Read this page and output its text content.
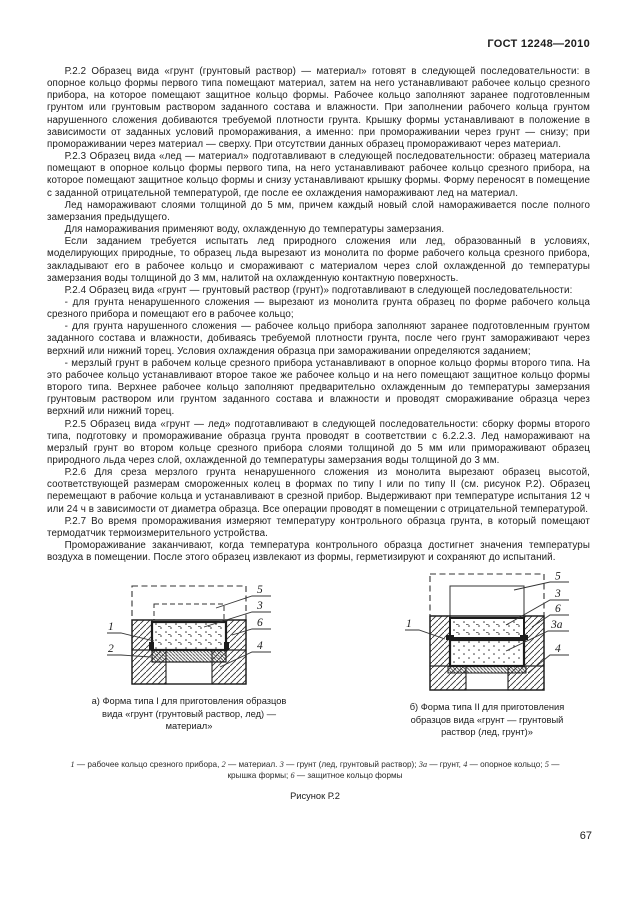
ГОСТ 12248—2010

Р.2.2 Образец вида «грунт (грунтовый раствор) — материал» готовят в следующей последовательности: в опорное кольцо формы первого типа помещают материал, затем на него устанавливают рабочее кольцо срезного прибора, на которое помещают защитное кольцо формы. Рабочее кольцо заполняют заранее подготовленным грунтом или грунтовым раствором заданного состава и влажности. При заполнении рабочего кольца грунтом нарушенного сложения добиваются требуемой плотности грунта. Крышку формы устанавливают в положение в зависимости от заданных условий промораживания, а именно: при промораживании через грунт — снизу; при промораживании через материал — сверху. При отсутствии данных образец промораживают через материал.

Р.2.3 Образец вида «лед — материал» подготавливают в следующей последовательности: образец материала помещают в опорное кольцо формы первого типа, на него устанавливают рабочее кольцо срезного прибора, на которое помещают защитное кольцо формы и снизу устанавливают крышку формы. Форму переносят в помещение с заданной отрицательной температурой, где после ее охлаждения намораживают лед на материал.

Лед намораживают слоями толщиной до 5 мм, причем каждый новый слой намораживается после полного замерзания предыдущего.

Для намораживания применяют воду, охлажденную до температуры замерзания.

Если заданием требуется испытать лед природного сложения или лед, образованный в условиях, моделирующих природные, то образец льда вырезают из монолита по форме рабочего кольца срезного прибора, закладывают его в рабочее кольцо и смораживают с материалом через слой охлажденной до температуры замерзания воды толщиной до 3 мм, налитой на охлажденную контактную поверхность.

Р.2.4 Образец вида «грунт — грунтовый раствор (грунт)» подготавливают в следующей последовательности:

- для грунта ненарушенного сложения — вырезают из монолита грунта образец по форме рабочего кольца срезного прибора и помещают его в рабочее кольцо;

- для грунта нарушенного сложения — рабочее кольцо прибора заполняют заранее подготовленным грунтом заданного состава и влажности, добиваясь требуемой плотности грунта, после чего грунт замораживают через верхний или нижний торец. Условия охлаждения образца при замораживании определяются заданием;

- мерзлый грунт в рабочем кольце срезного прибора устанавливают в опорное кольцо формы второго типа. На это рабочее кольцо устанавливают второе такое же рабочее кольцо и на него помещают защитное кольцо формы второго типа. Верхнее рабочее кольцо заполняют предварительно охлажденным до температуры замерзания грунтовым раствором или грунтом заданного состава и влажности и проводят смораживание образца через верхний или нижний торец.

Р.2.5 Образец вида «грунт — лед» подготавливают в следующей последовательности: сборку формы второго типа, подготовку и промораживание образца грунта проводят в соответствии с 6.2.2.3. Лед намораживают на мерзлый грунт во втором кольце срезного прибора слоями толщиной до 5 мм или примораживают образец природного льда через слой, охлажденной до температуры замерзания воды толщиной до 3 мм.

Р.2.6 Для среза мерзлого грунта ненарушенного сложения из монолита вырезают образец высотой, соответствующей размерам смороженных колец в формах по типу I или по типу II (см. рисунок Р.2). Образец перемещают в рабочие кольца и устанавливают в срезной прибор. Выдерживают при температуре испытания 12 ч или 24 ч в зависимости от диаметра образца. Все операции проводят в помещении с отрицательной температурой.

Р.2.7 Во время промораживания измеряют температуру контрольного образца грунта, в который помещают термодатчик термоизмерительного устройства.

Промораживание заканчивают, когда температура контрольного образца достигнет значения температуры воздуха в помещении. После этого образец извлекают из формы, герметизируют и сохраняют до испытаний.

1
2
5
3
6
4
а) Форма типа I для приготовления образцов вида «грунт (грунтовый раствор, лед) — материал»
1
5
3
6
3а
4
б) Форма типа II для приготовления образцов вида «грунт — грунтовый раствор (лед, грунт)»
1 — рабочее кольцо срезного прибора, 2 — материал. 3 — грунт (лед, грунтовый раствор); 3а — грунт, 4 — опорное кольцо; 5 — крышка формы; 6 — защитное кольцо формы
Рисунок Р.2
67
